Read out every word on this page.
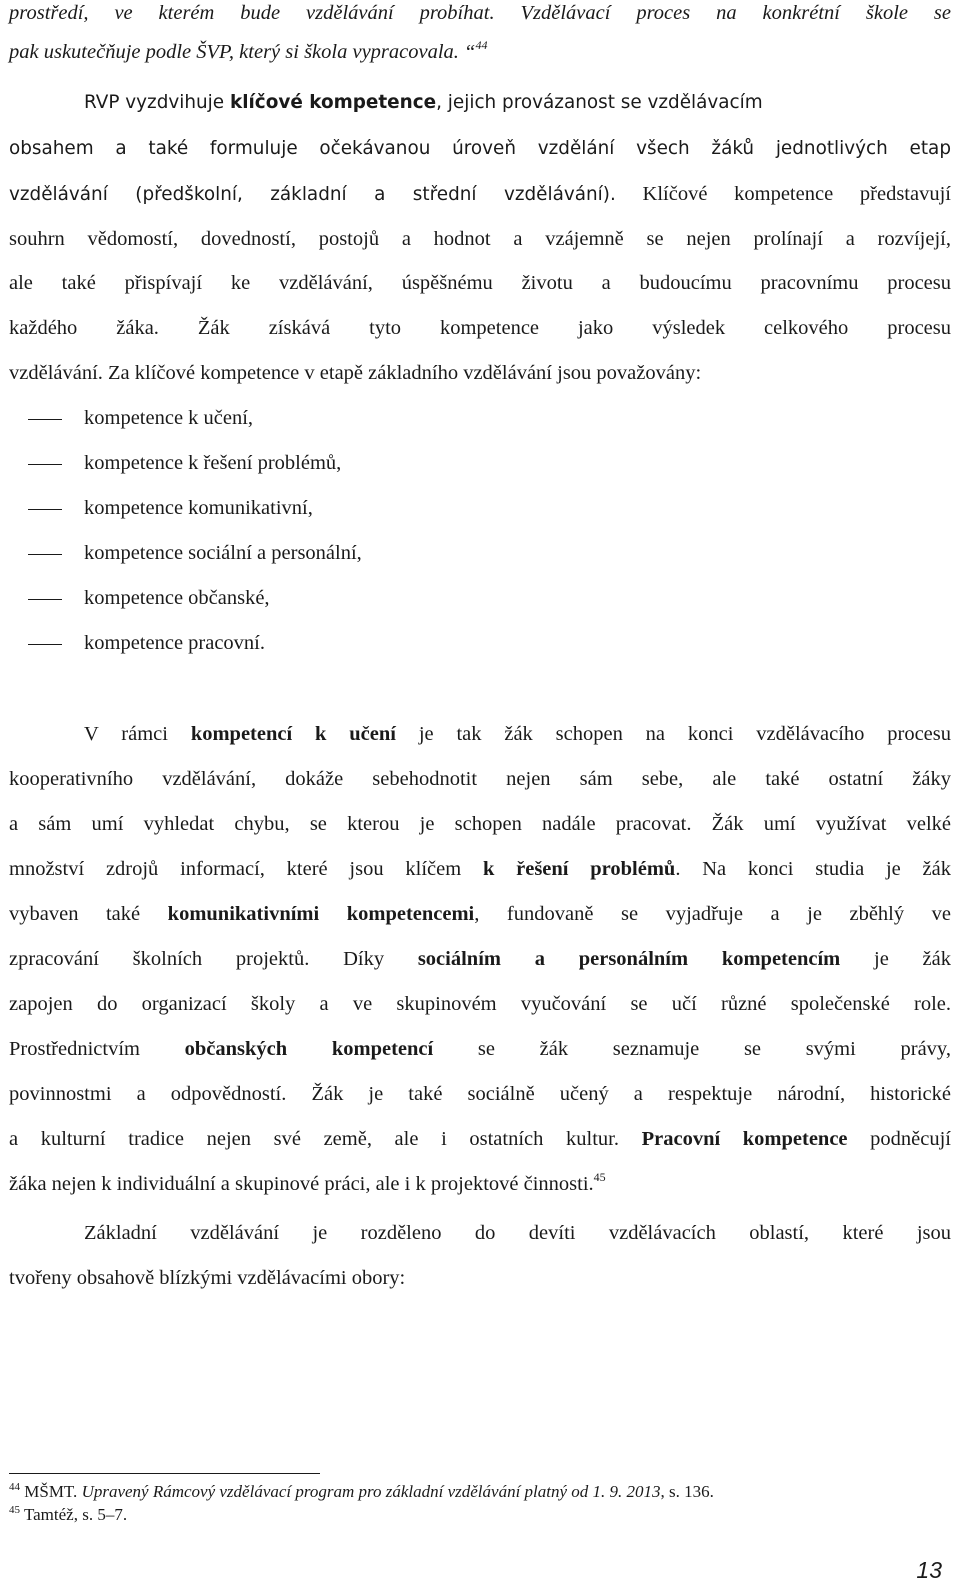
prostředí, ve kterém bude vzdělávání probíhat. Vzdělávací proces na konkrétní škole se
pak uskutečňuje podle ŠVP, který si škola vypracovala. “$^{44}$
RVP vyzdvihuje klíčové kompetence, jejich provázanost se vzdělávacím
obsahem a také formuluje očekávanou úroveň vzdělání všech žáků jednotlivých etap
vzdělávání (předškolní, základní a střední vzdělávání). Klíčové kompetence představují
souhrn vědomostí, dovedností, postojů a hodnot a vzájemně se nejen prolínají a rozvíjejí,
ale také přispívají ke vzdělávání, úspěšnému životu a budoucímu pracovnímu procesu
každého žáka. Žák získává tyto kompetence jako výsledek celkového procesu
vzdělávání. Za klíčové kompetence v etapě základního vzdělávání jsou považovány:
kompetence k učení,
kompetence k řešení problémů,
kompetence komunikativní,
kompetence sociální a personální,
kompetence občanské,
kompetence pracovní.
V rámci kompetencí k učení je tak žák schopen na konci vzdělávacího procesu
kooperativního vzdělávání, dokáže sebehodnotit nejen sám sebe, ale také ostatní žáky
a sám umí vyhledat chybu, se kterou je schopen nadále pracovat. Žák umí využívat velké
množství zdrojů informací, které jsou klíčem k řešení problémů. Na konci studia je žák
vybaven také komunikativními kompetencemi, fundovaně se vyjadřuje a je zběhlý ve
zpracování školních projektů. Díky sociálním a personálním kompetencím je žák
zapojen do organizací školy a ve skupinovém vyučování se učí různé společenské role.
Prostřednictvím občanských kompetencí se žák seznamuje se svými právy,
povinnostmi a odpovědností. Žák je také sociálně učený a respektuje národní, historické
a kulturní tradice nejen své země, ale i ostatních kultur. Pracovní kompetence podněcují
žáka nejen k individuální a skupinové práci, ale i k projektové činnosti.$^{45}$
Základní vzdělávání je rozděleno do devíti vzdělávacích oblastí, které jsou
tvořeny obsahově blízkými vzdělávacími obory:
$^{44}$ MŠMT. Upravený Rámcový vzdělávací program pro základní vzdělávání platný od 1. 9. 2013, s. 136.
$^{45}$ Tamtéž, s. 5–7.
13
